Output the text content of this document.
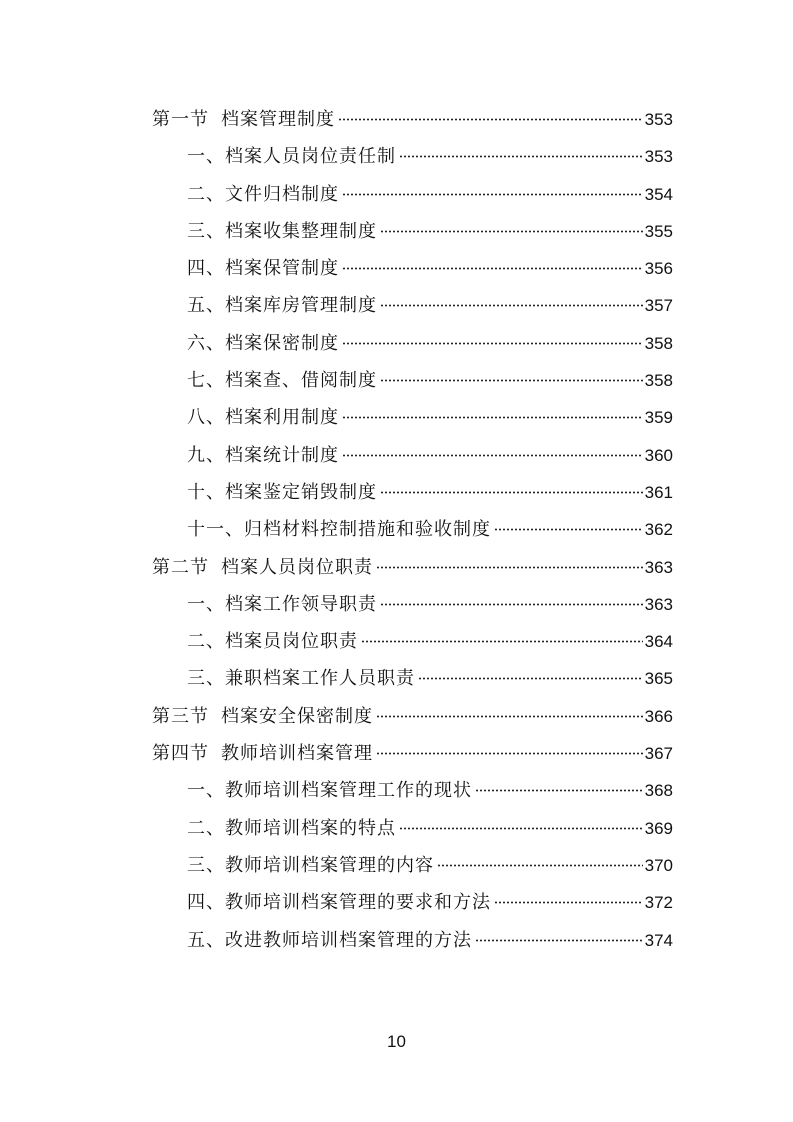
第一节 档案管理制度	353
一、档案人员岗位责任制	353
二、文件归档制度	354
三、档案收集整理制度	355
四、档案保管制度	356
五、档案库房管理制度	357
六、档案保密制度	358
七、档案查、借阅制度	358
八、档案利用制度	359
九、档案统计制度	360
十、档案鉴定销毁制度	361
十一、归档材料控制措施和验收制度	362
第二节 档案人员岗位职责	363
一、档案工作领导职责	363
二、档案员岗位职责	364
三、兼职档案工作人员职责	365
第三节 档案安全保密制度	366
第四节 教师培训档案管理	367
一、教师培训档案管理工作的现状	368
二、教师培训档案的特点	369
三、教师培训档案管理的内容	370
四、教师培训档案管理的要求和方法	372
五、改进教师培训档案管理的方法	374
10
